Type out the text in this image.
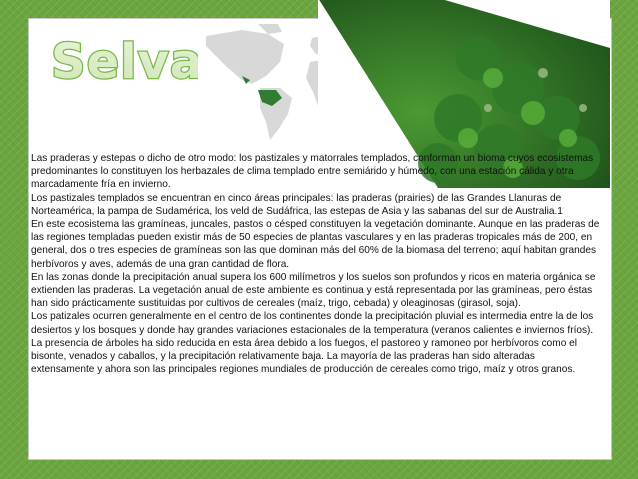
Selva

Las praderas y estepas o dicho de otro modo: los pastizales y matorrales templados, conforman un bioma cuyos ecosistemas predominantes lo constituyen los herbazales de clima templado entre semiárido y húmedo, con una estación cálida y otra marcadamente fría en invierno.

Los pastizales templados se encuentran en cinco áreas principales: las praderas (prairies) de las Grandes Llanuras de Norteamérica, la pampa de Sudamérica, los veld de Sudáfrica, las estepas de Asia y las sabanas del sur de Australia.1

En este ecosistema las gramíneas, juncales, pastos o césped constituyen la vegetación dominante. Aunque en las praderas de las regiones templadas pueden existir más de 50 especies de plantas vasculares y en las praderas tropicales más de 200, en general, dos o tres especies de gramíneas son las que dominan más del 60% de la biomasa del terreno; aquí habitan grandes herbívoros y aves, además de una gran cantidad de flora.

En las zonas donde la precipitación anual supera los 600 milímetros y los suelos son profundos y ricos en materia orgánica se extienden las praderas. La vegetación anual de este ambiente es continua y está representada por las gramíneas, pero éstas han sido prácticamente sustituidas por cultivos de cereales (maíz, trigo, cebada) y oleaginosas (girasol, soja).

Los patizales ocurren generalmente en el centro de los continentes donde la precipitación pluvial es intermedia entre la de los desiertos y los bosques y donde hay grandes variaciones estacionales de la temperatura (veranos calientes e inviernos fríos). La presencia de árboles ha sido reducida en esta área debido a los fuegos, el pastoreo y ramoneo por herbívoros como el bisonte, venados y caballos, y la precipitación relativamente baja. La mayoría de las praderas han sido alteradas extensamente y ahora son las principales regiones mundiales de producción de cereales como trigo, maíz y otros granos.
